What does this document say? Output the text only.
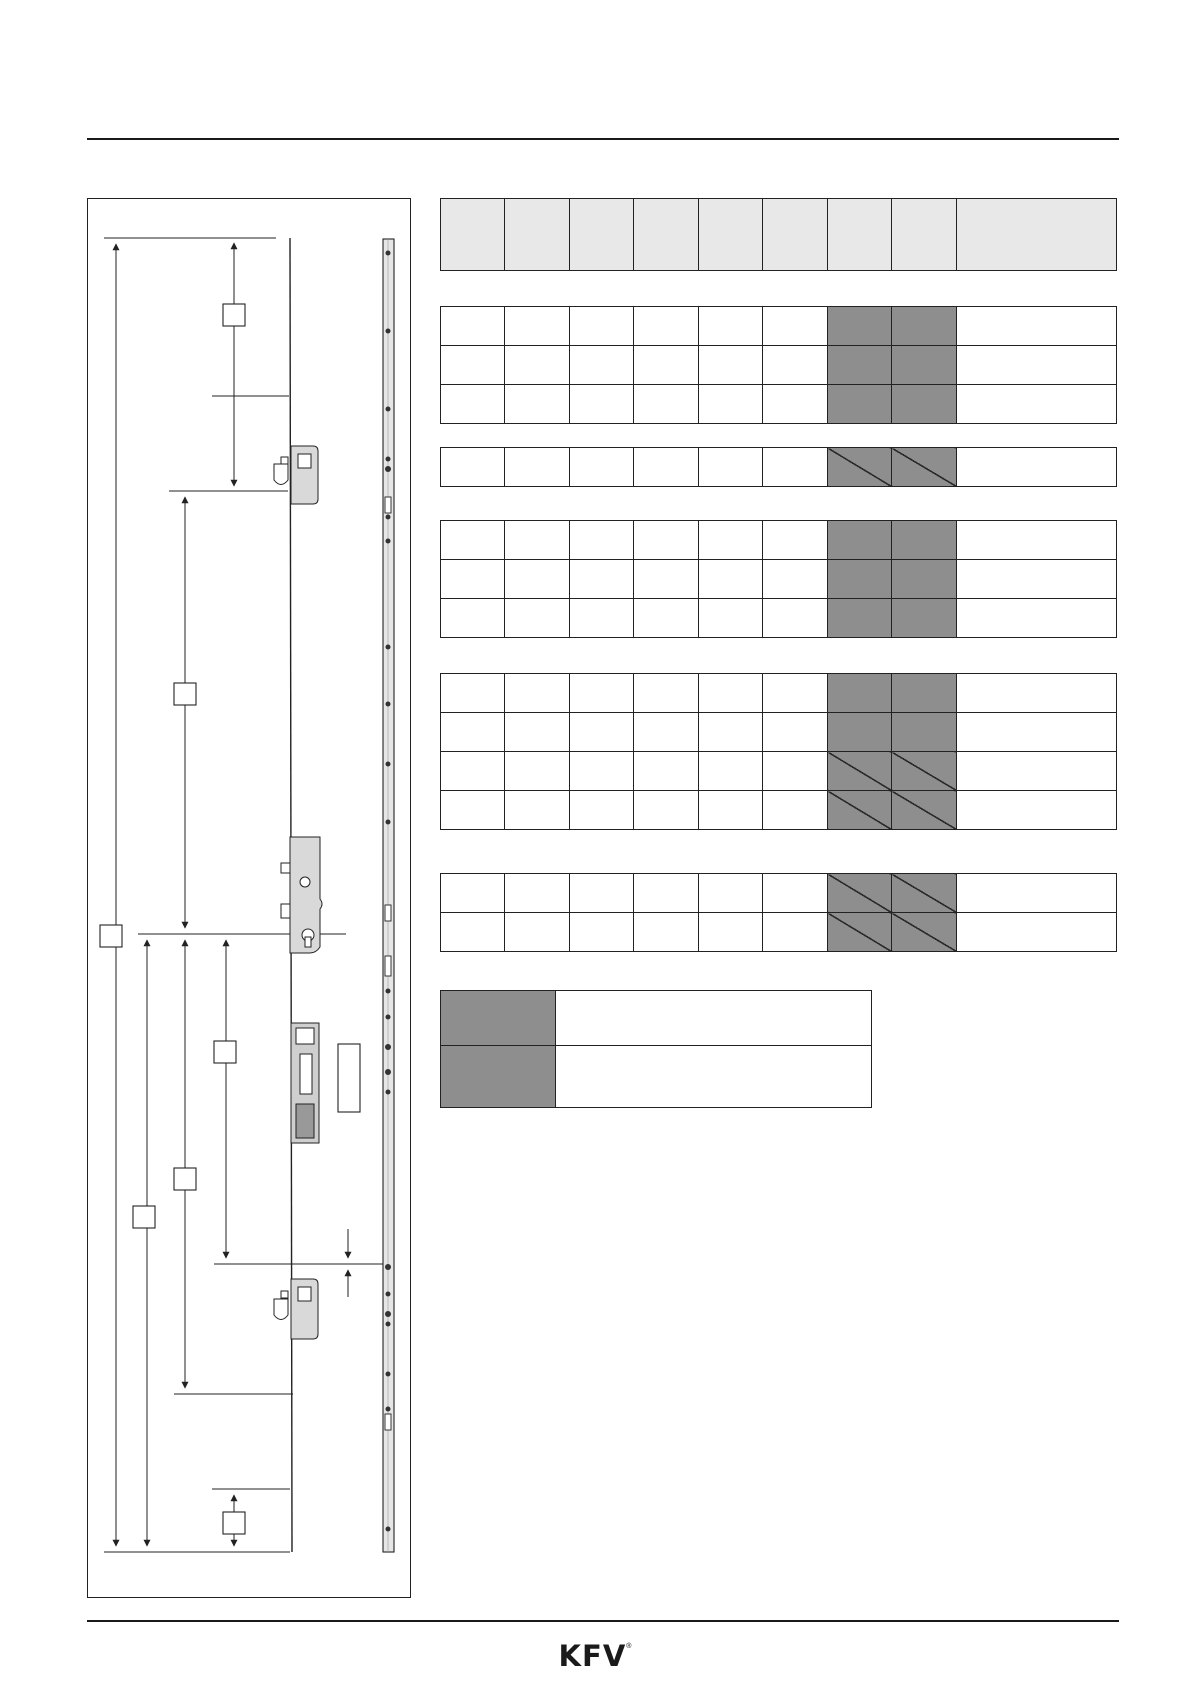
KFV®
